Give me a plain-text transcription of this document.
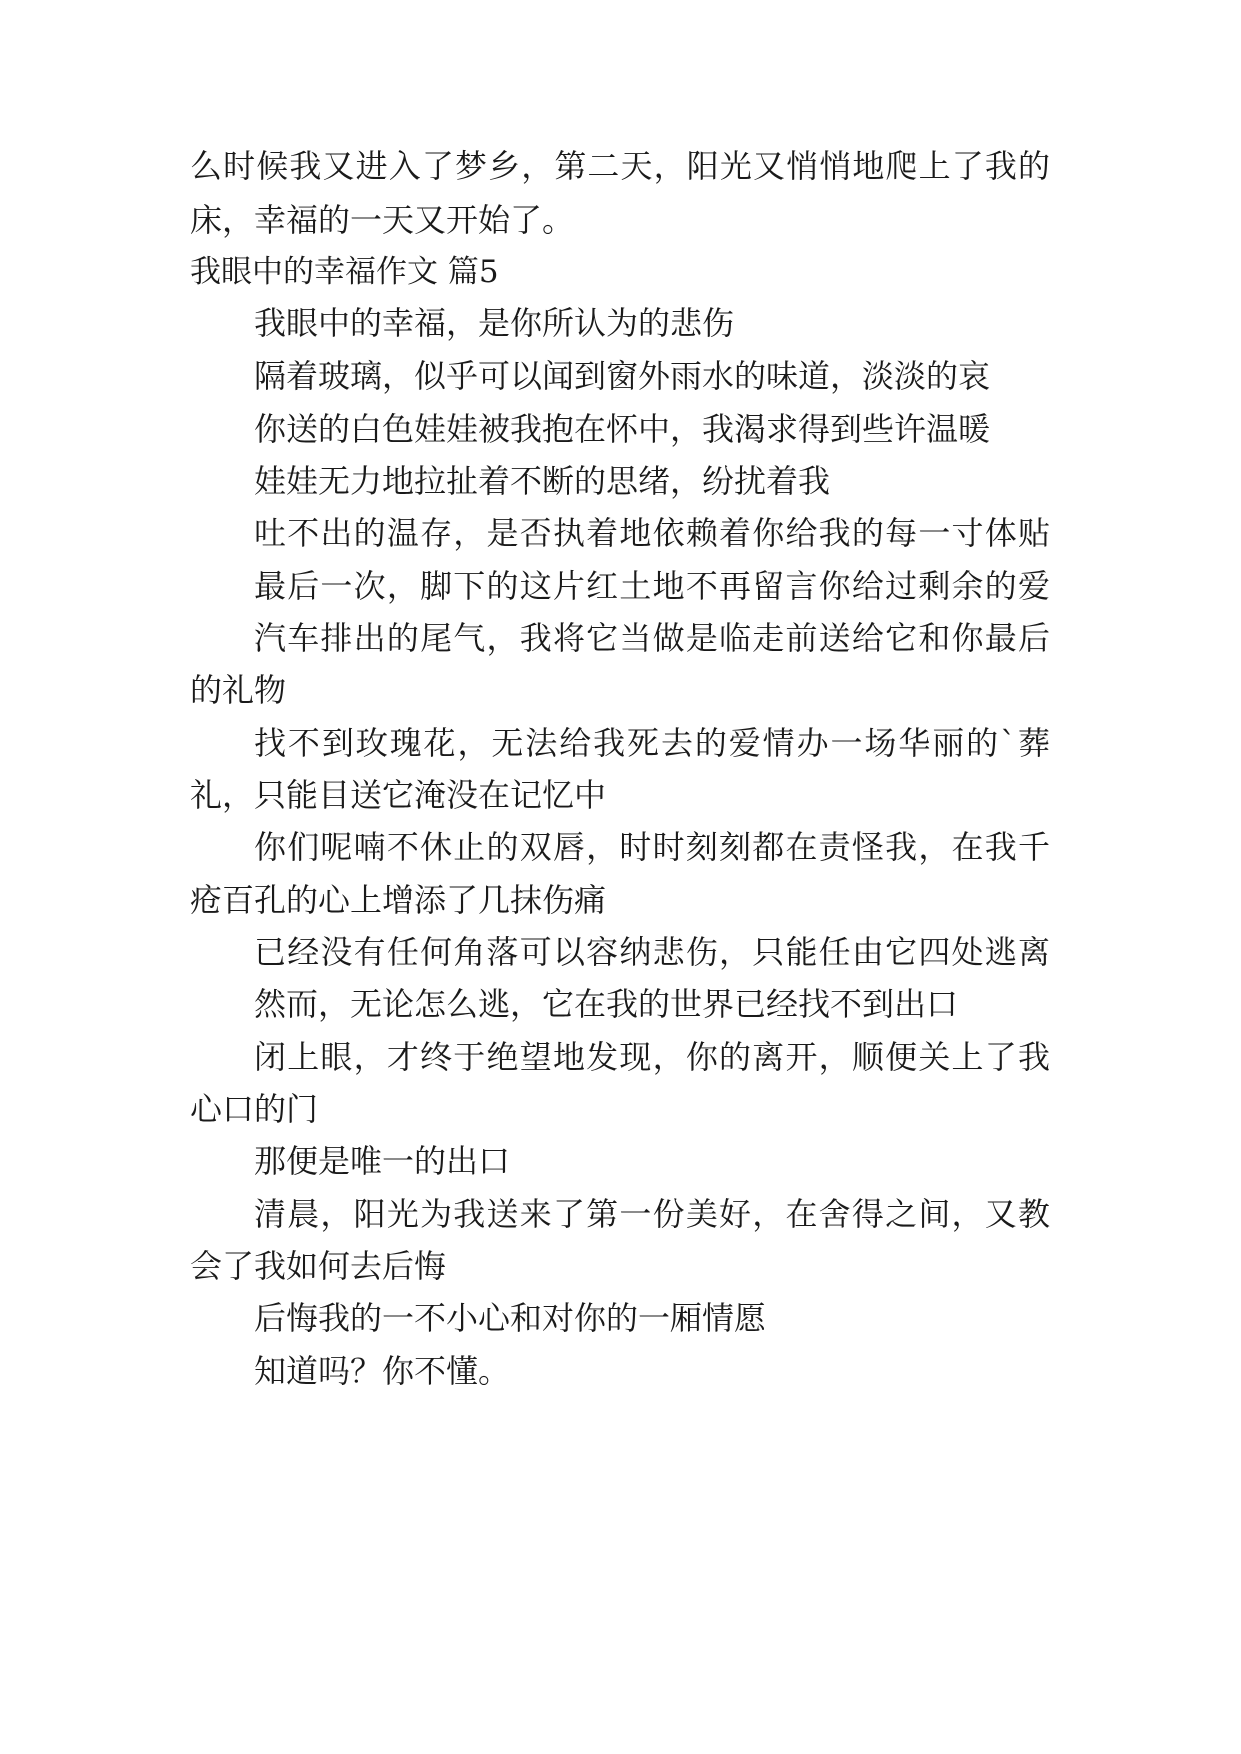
么时候我又进入了梦乡，第二天，阳光又悄悄地爬上了我的

床，幸福的一天又开始了。

我眼中的幸福作文 篇5

我眼中的幸福，是你所认为的悲伤

隔着玻璃，似乎可以闻到窗外雨水的味道，淡淡的哀

你送的白色娃娃被我抱在怀中，我渴求得到些许温暖

娃娃无力地拉扯着不断的思绪，纷扰着我

吐不出的温存，是否执着地依赖着你给我的每一寸体贴

最后一次，脚下的这片红土地不再留言你给过剩余的爱

汽车排出的尾气，我将它当做是临走前送给它和你最后

的礼物

找不到玫瑰花，无法给我死去的爱情办一场华丽的`葬

礼，只能目送它淹没在记忆中

你们呢喃不休止的双唇，时时刻刻都在责怪我，在我千

疮百孔的心上增添了几抹伤痛

已经没有任何角落可以容纳悲伤，只能任由它四处逃离

然而，无论怎么逃，它在我的世界已经找不到出口

闭上眼，才终于绝望地发现，你的离开，顺便关上了我

心口的门

那便是唯一的出口

清晨，阳光为我送来了第一份美好，在舍得之间，又教

会了我如何去后悔

后悔我的一不小心和对你的一厢情愿

知道吗？你不懂。
